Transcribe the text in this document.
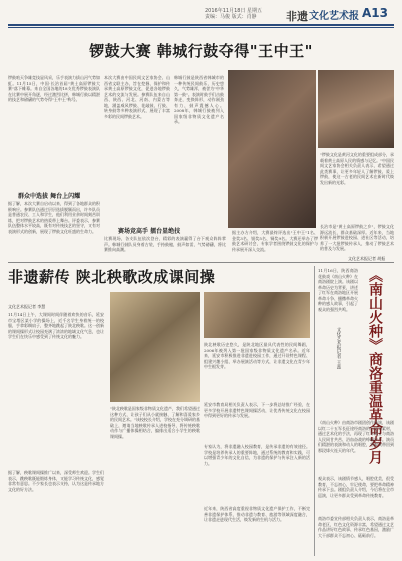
2016年11月18日 星期五
责编：马俊 版式：肖静	非遗 文化艺术报 A13
锣鼓大赛 韩城行鼓夺得"王中王"
锣鼓喧天争雄竞技显风采，乐手表演力拔山河气势如虹。11月15日，中国·长治首届"黄土高原锣鼓大赛"落下帷幕。来自全国各地的18支优秀锣鼓表演队在比赛中展开角逐，经过激烈比拼，韩城行鼓以精湛的技艺和磅礴的气势夺得"王中王"称号。
群众中选拔 舞台上闪耀
据了解，本次大赛自启动以来，得到了各地群众的积极响应。参赛队伍通过层层选拔脱颖而出，许多队员是普通农民、工人和学生，他们利用业余时间刻苦训练，把对锣鼓艺术的热爱带上舞台。评委表示，参赛队伍整体水平较高，既有对传统技艺的坚守，又有对表演形式的创新，展现了锣鼓文化旺盛的生命力。
本次大赛由中国民间文艺家协会、山西省文联主办，旨在挖掘、保护和传承黄土高原锣鼓文化，促进各地锣鼓艺术的交流与发展。参赛队伍来自山西、陕西、河北、河南、内蒙古等地，涵盖威风锣鼓、花敲鼓、行鼓、转身鼓等多种表演形式，展现了丰富多彩的民间锣鼓艺术。
韩城行鼓是陕西省韩城市的一种传统民间鼓乐，历史悠久，气势雄浑，被誉为"中华第一鼓"。表演时鼓手们击鼓奔走，变换阵形，动作刚劲有力，鼓声震撼人心。2008年，韩城行鼓被列入国家级非物质文化遗产名录。
赛场竞高手 擂台显绝技
比赛现场，各支队伍依次登台，精彩的表演赢得了台下观众阵阵掌声。韩城行鼓队员身着古装，手持鼓槌，鼓声如雷，气势磅礴，将比赛推向高潮。
据主办方介绍，大赛最终评选出"王中王"1名、金奖3名、银奖5名、铜奖9名。大赛还举办了锣鼓艺术研讨会，专家学者围绕锣鼓文化的保护与传承展开深入交流。
"锣鼓文化是黄河文化的重要组成部分，承载着黄土高原人民的情感与记忆。"中国民间文艺家协会相关负责人表示，希望通过此类赛事，让更多年轻人了解锣鼓、爱上锣鼓，使这一古老的民间艺术在新时代焕发出新的光彩。
长治市是"黄土高原锣鼓之乡"，锣鼓文化源远流长，群众基础深厚。近年来，当地积极开展锣鼓进校园、进社区等活动，培养了一大批锣鼓传承人，推动了锣鼓艺术的普及与发展。
文化艺术报记者 胡振
非遗薪传 陕北秧歌改成课间操
文化艺术报记者 李慧
11月14日上午，大课间时间伴随着欢快的音乐，延安市宝塔区某小学的操场上，近千名学生身着统一的校服，手拿彩绸扇子，整齐地跳起了陕北秧歌。这一创新的课间操形式让校园充满了浓浓的地域文化气息，也让学生们在快乐中感受到了传统文化的魅力。
据了解，秧歌课间操推广以来，深受师生欢迎。学生们表示，跳秧歌既能锻炼身体，又能学习传统文化，感觉非常有意思。不少家长也表示支持，认为这是传承地方文化的好方法。
"陕北秧歌是国家级非物质文化遗产，我们希望通过这种方式，让孩子们从小就接触、了解和喜爱家乡的民间艺术。"该校校长介绍，学校在充分调研的基础上，邀请当地秧歌传承人进校指导，将传统秧歌动作与广播体操相结合，编排出适合小学生的秧歌课间操。
陕北秧歌历史悠久，是陕北地区最具代表性的民间舞蹈，2006年被列入第一批国家级非物质文化遗产名录。近年来，延安市积极推进非遗进校园工作，通过开设特色课程、组建兴趣小组、举办展演活动等方式，让非遗文化在青少年中生根发芽。
延安市教育局相关负责人表示，下一步将总结推广经验，在更多学校开展非遗特色课间操活动，让优秀传统文化在校园中得到更好的传承与发展。
专家认为，将非遗融入校园教育，是传承非遗的有效途径。学校是培养传承人的重要阵地，通过系统的教育和实践，可以增强青少年的文化自信，为非遗的保护与传承注入新的活力。
近年来，陕西省高度重视非物质文化遗产保护工作，不断完善非遗保护体系，推动非遗与教育、旅游等领域深度融合，让非遗走进现代生活，焕发新的生机与活力。
《南山火种》商洛重温革命岁月
文化艺术报记者 王蕊
11月16日，陕西商洛花鼓戏《南山火种》在商洛剧院上演。该剧以革命历史为背景，讲述了红军在商洛地区开展革命斗争、播撒革命火种的感人故事，引起了观众的强烈共鸣。
《南山火种》由商洛市剧团创作排演，该剧以红二十五军长征途经商洛的历史为素材，通过艺术化的手法，再现了红军战士与商洛人民同甘共苦、浴血奋战的峥嵘岁月。演员们精湛的表演和动人的唱腔，将观众带回到那段烽火连天的年代。
观众表示，该剧情节感人，唱腔优美，很受教育，不忘初心，牢记使命，要把革命精神传承下去。剧组负责人介绍，今后将在全市巡演，让更多群众受到革命传统教育。
商洛市委宣传部相关负责人表示，商洛是革命老区，红色文化资源丰富，希望通过文艺作品讲好红色故事、传承红色基因，激励广大干部群众不忘初心、砥砺前行。
